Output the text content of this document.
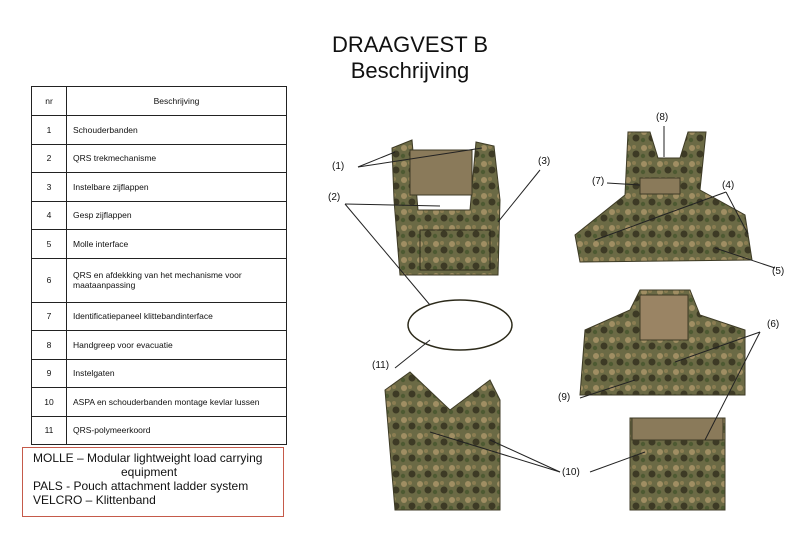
DRAAGVEST B
Beschrijving
nr	Beschrijving
1	Schouderbanden
2	QRS trekmechanisme
3	Instelbare zijflappen
4	Gesp zijflappen
5	Molle interface
6	QRS en afdekking van het mechanisme voor maataanpassing
7	Identificatiepaneel klittebandinterface
8	Handgreep voor evacuatie
9	Instelgaten
10	ASPA en schouderbanden montage kevlar lussen
11	QRS-polymeerkoord
MOLLE – Modular lightweight load carrying
equipment
PALS - Pouch attachment ladder system
VELCRO – Klittenband
(1)
(2)
(3)
(4)
(5)
(6)
(7)
(8)
(9)
(10)
(11)
